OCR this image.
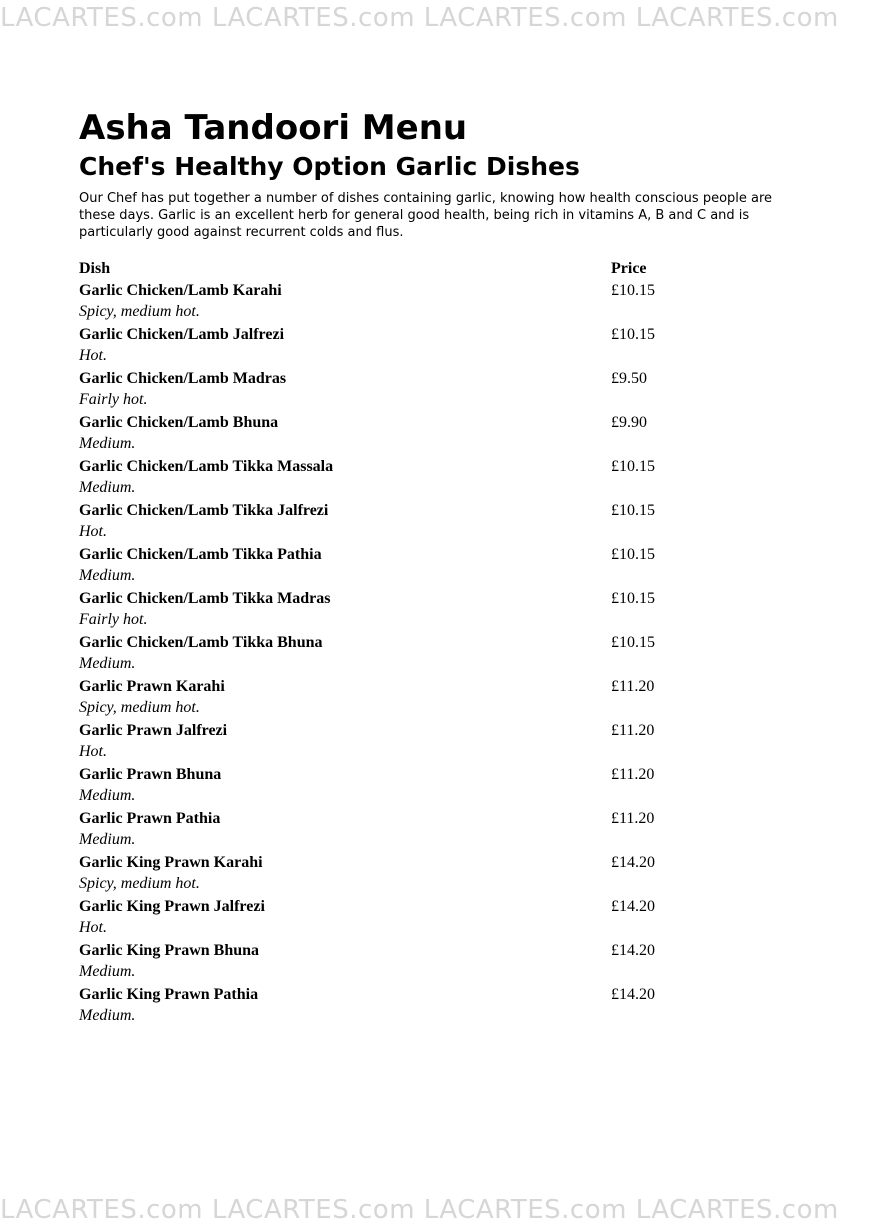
LACARTES.com LACARTES.com LACARTES.com LACARTES.com
Asha Tandoori Menu
Chef's Healthy Option Garlic Dishes

Our Chef has put together a number of dishes containing garlic, knowing how health conscious people are these days. Garlic is an excellent herb for general good health, being rich in vitamins A, B and C and is particularly good against recurrent colds and flus.

Dish	Price
Garlic Chicken/Lamb Karahi	£10.15
Spicy, medium hot.
Garlic Chicken/Lamb Jalfrezi	£10.15
Hot.
Garlic Chicken/Lamb Madras	£9.50
Fairly hot.
Garlic Chicken/Lamb Bhuna	£9.90
Medium.
Garlic Chicken/Lamb Tikka Massala	£10.15
Medium.
Garlic Chicken/Lamb Tikka Jalfrezi	£10.15
Hot.
Garlic Chicken/Lamb Tikka Pathia	£10.15
Medium.
Garlic Chicken/Lamb Tikka Madras	£10.15
Fairly hot.
Garlic Chicken/Lamb Tikka Bhuna	£10.15
Medium.
Garlic Prawn Karahi	£11.20
Spicy, medium hot.
Garlic Prawn Jalfrezi	£11.20
Hot.
Garlic Prawn Bhuna	£11.20
Medium.
Garlic Prawn Pathia	£11.20
Medium.
Garlic King Prawn Karahi	£14.20
Spicy, medium hot.
Garlic King Prawn Jalfrezi	£14.20
Hot.
Garlic King Prawn Bhuna	£14.20
Medium.
Garlic King Prawn Pathia	£14.20
Medium.
LACARTES.com LACARTES.com LACARTES.com LACARTES.com
